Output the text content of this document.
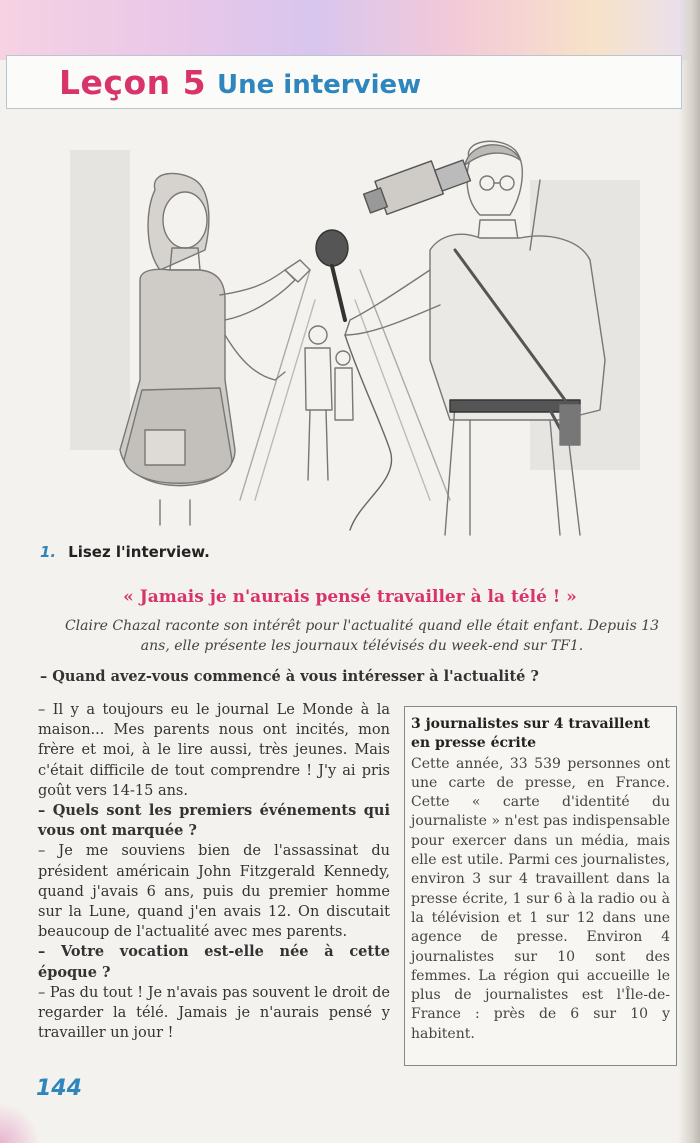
Leçon 5 Une interview
1. Lisez l'interview.
« Jamais je n'aurais pensé travailler à la télé ! »
Claire Chazal raconte son intérêt pour l'actualité quand elle était enfant. Depuis 13 ans, elle présente les journaux télévisés du week-end sur TF1.
– Quand avez-vous commencé à vous intéresser à l'actualité ?

– Il y a toujours eu le journal Le Monde à la maison... Mes parents nous ont incités, mon frère et moi, à le lire aussi, très jeunes. Mais c'était difficile de tout comprendre ! J'y ai pris goût vers 14-15 ans.

– Quels sont les premiers événements qui vous ont marquée ?

– Je me souviens bien de l'assassinat du président américain John Fitzgerald Kennedy, quand j'avais 6 ans, puis du premier homme sur la Lune, quand j'en avais 12. On discutait beaucoup de l'actualité avec mes parents.

– Votre vocation est-elle née à cette époque ?

– Pas du tout ! Je n'avais pas souvent le droit de regarder la télé. Jamais je n'aurais pensé y travailler un jour !

3 journalistes sur 4 travaillent en presse écrite

Cette année, 33 539 personnes ont une carte de presse, en France. Cette « carte d'identité du journaliste » n'est pas indispensable pour exercer dans un média, mais elle est utile. Parmi ces journalistes, environ 3 sur 4 travaillent dans la presse écrite, 1 sur 6 à la radio ou à la télévision et 1 sur 12 dans une agence de presse. Environ 4 journalistes sur 10 sont des femmes. La région qui accueille le plus de journalistes est l'Île-de-France : près de 6 sur 10 y habitent.

144
